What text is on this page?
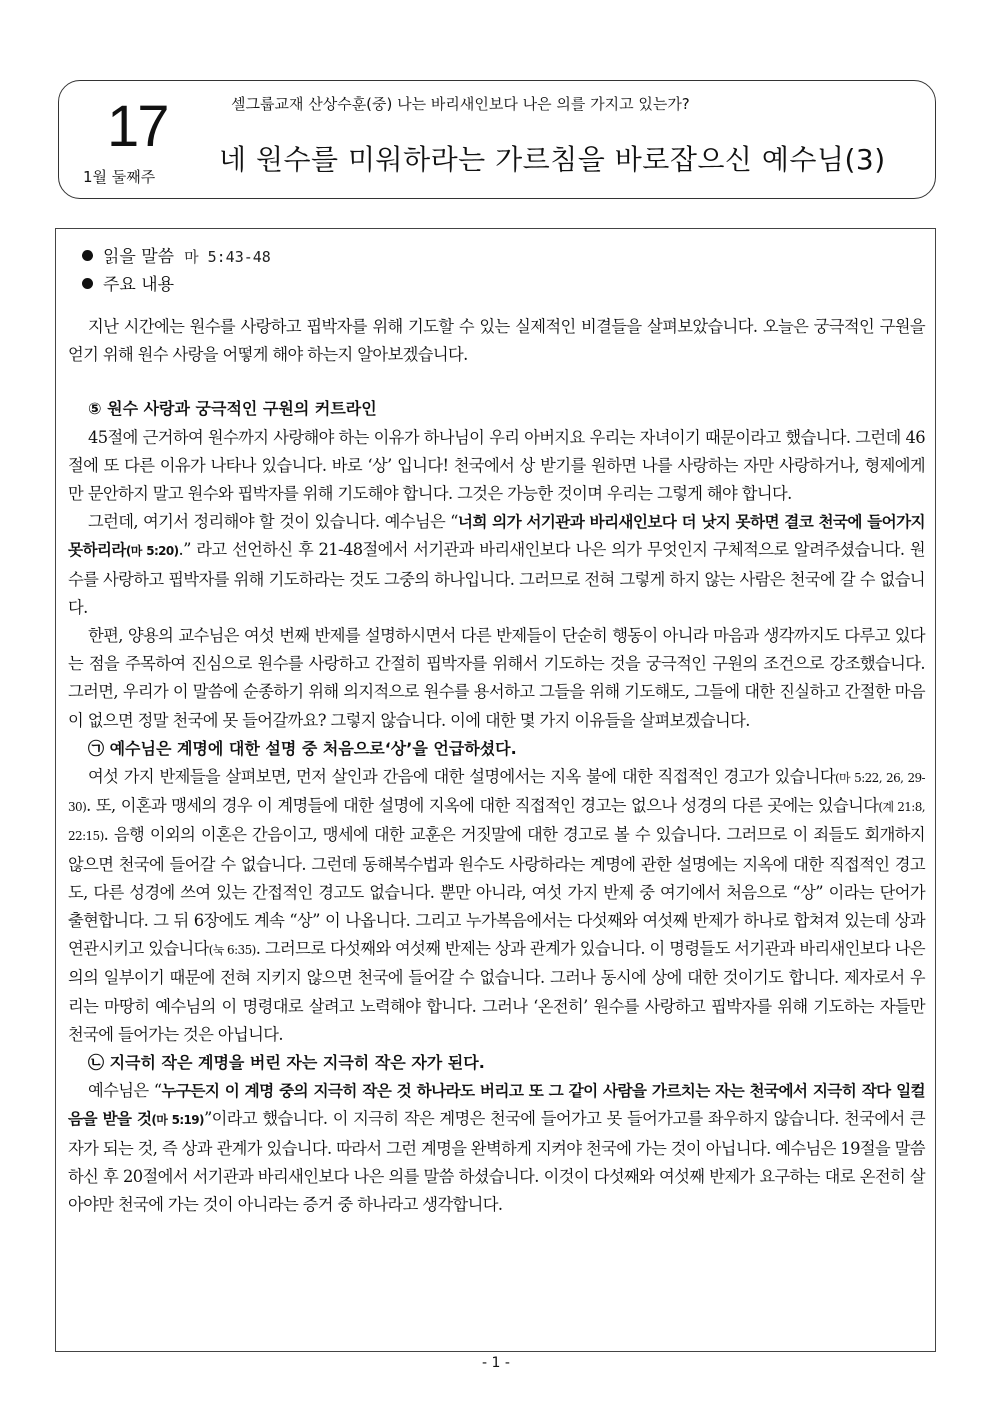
17
1월 둘째주
셀그룹교재 산상수훈(중) 나는 바리새인보다 나은 의를 가지고 있는가?
네 원수를 미워하라는 가르침을 바로잡으신 예수님(3)
읽을 말씀 마 5:43-48
주요 내용

지난 시간에는 원수를 사랑하고 핍박자를 위해 기도할 수 있는 실제적인 비결들을 살펴보았습니다. 오늘은 궁극적인 구원을 얻기 위해 원수 사랑을 어떻게 해야 하는지 알아보겠습니다.

⑤ 원수 사랑과 궁극적인 구원의 커트라인

45절에 근거하여 원수까지 사랑해야 하는 이유가 하나님이 우리 아버지요 우리는 자녀이기 때문이라고 했습니다. 그런데 46절에 또 다른 이유가 나타나 있습니다. 바로 ‘상’ 입니다! 천국에서 상 받기를 원하면 나를 사랑하는 자만 사랑하거나, 형제에게만 문안하지 말고 원수와 핍박자를 위해 기도해야 합니다. 그것은 가능한 것이며 우리는 그렇게 해야 합니다.

그런데, 여기서 정리해야 할 것이 있습니다. 예수님은 “너희 의가 서기관과 바리새인보다 더 낫지 못하면 결코 천국에 들어가지 못하리라(마 5:20).” 라고 선언하신 후 21-48절에서 서기관과 바리새인보다 나은 의가 무엇인지 구체적으로 알려주셨습니다. 원수를 사랑하고 핍박자를 위해 기도하라는 것도 그중의 하나입니다. 그러므로 전혀 그렇게 하지 않는 사람은 천국에 갈 수 없습니다.

한편, 양용의 교수님은 여섯 번째 반제를 설명하시면서 다른 반제들이 단순히 행동이 아니라 마음과 생각까지도 다루고 있다는 점을 주목하여 진심으로 원수를 사랑하고 간절히 핍박자를 위해서 기도하는 것을 궁극적인 구원의 조건으로 강조했습니다. 그러면, 우리가 이 말씀에 순종하기 위해 의지적으로 원수를 용서하고 그들을 위해 기도해도, 그들에 대한 진실하고 간절한 마음이 없으면 정말 천국에 못 들어갈까요? 그렇지 않습니다. 이에 대한 몇 가지 이유들을 살펴보겠습니다.

㉠ 예수님은 계명에 대한 설명 중 처음으로‘상’을 언급하셨다.

여섯 가지 반제들을 살펴보면, 먼저 살인과 간음에 대한 설명에서는 지옥 불에 대한 직접적인 경고가 있습니다(마 5:22, 26, 29-30). 또, 이혼과 맹세의 경우 이 계명들에 대한 설명에 지옥에 대한 직접적인 경고는 없으나 성경의 다른 곳에는 있습니다(계 21:8, 22:15). 음행 이외의 이혼은 간음이고, 맹세에 대한 교훈은 거짓말에 대한 경고로 볼 수 있습니다. 그러므로 이 죄들도 회개하지 않으면 천국에 들어갈 수 없습니다. 그런데 동해복수법과 원수도 사랑하라는 계명에 관한 설명에는 지옥에 대한 직접적인 경고도, 다른 성경에 쓰여 있는 간접적인 경고도 없습니다. 뿐만 아니라, 여섯 가지 반제 중 여기에서 처음으로 “상” 이라는 단어가 출현합니다. 그 뒤 6장에도 계속 “상” 이 나옵니다. 그리고 누가복음에서는 다섯째와 여섯째 반제가 하나로 합쳐져 있는데 상과 연관시키고 있습니다(눅 6:35). 그러므로 다섯째와 여섯째 반제는 상과 관계가 있습니다. 이 명령들도 서기관과 바리새인보다 나은 의의 일부이기 때문에 전혀 지키지 않으면 천국에 들어갈 수 없습니다. 그러나 동시에 상에 대한 것이기도 합니다. 제자로서 우리는 마땅히 예수님의 이 명령대로 살려고 노력해야 합니다. 그러나 ‘온전히’ 원수를 사랑하고 핍박자를 위해 기도하는 자들만 천국에 들어가는 것은 아닙니다.

㉡ 지극히 작은 계명을 버린 자는 지극히 작은 자가 된다.

예수님은 “누구든지 이 계명 중의 지극히 작은 것 하나라도 버리고 또 그 같이 사람을 가르치는 자는 천국에서 지극히 작다 일컬음을 받을 것(마 5:19)”이라고 했습니다. 이 지극히 작은 계명은 천국에 들어가고 못 들어가고를 좌우하지 않습니다. 천국에서 큰 자가 되는 것, 즉 상과 관계가 있습니다. 따라서 그런 계명을 완벽하게 지켜야 천국에 가는 것이 아닙니다. 예수님은 19절을 말씀하신 후 20절에서 서기관과 바리새인보다 나은 의를 말씀 하셨습니다. 이것이 다섯째와 여섯째 반제가 요구하는 대로 온전히 살아야만 천국에 가는 것이 아니라는 증거 중 하나라고 생각합니다.

- 1 -
